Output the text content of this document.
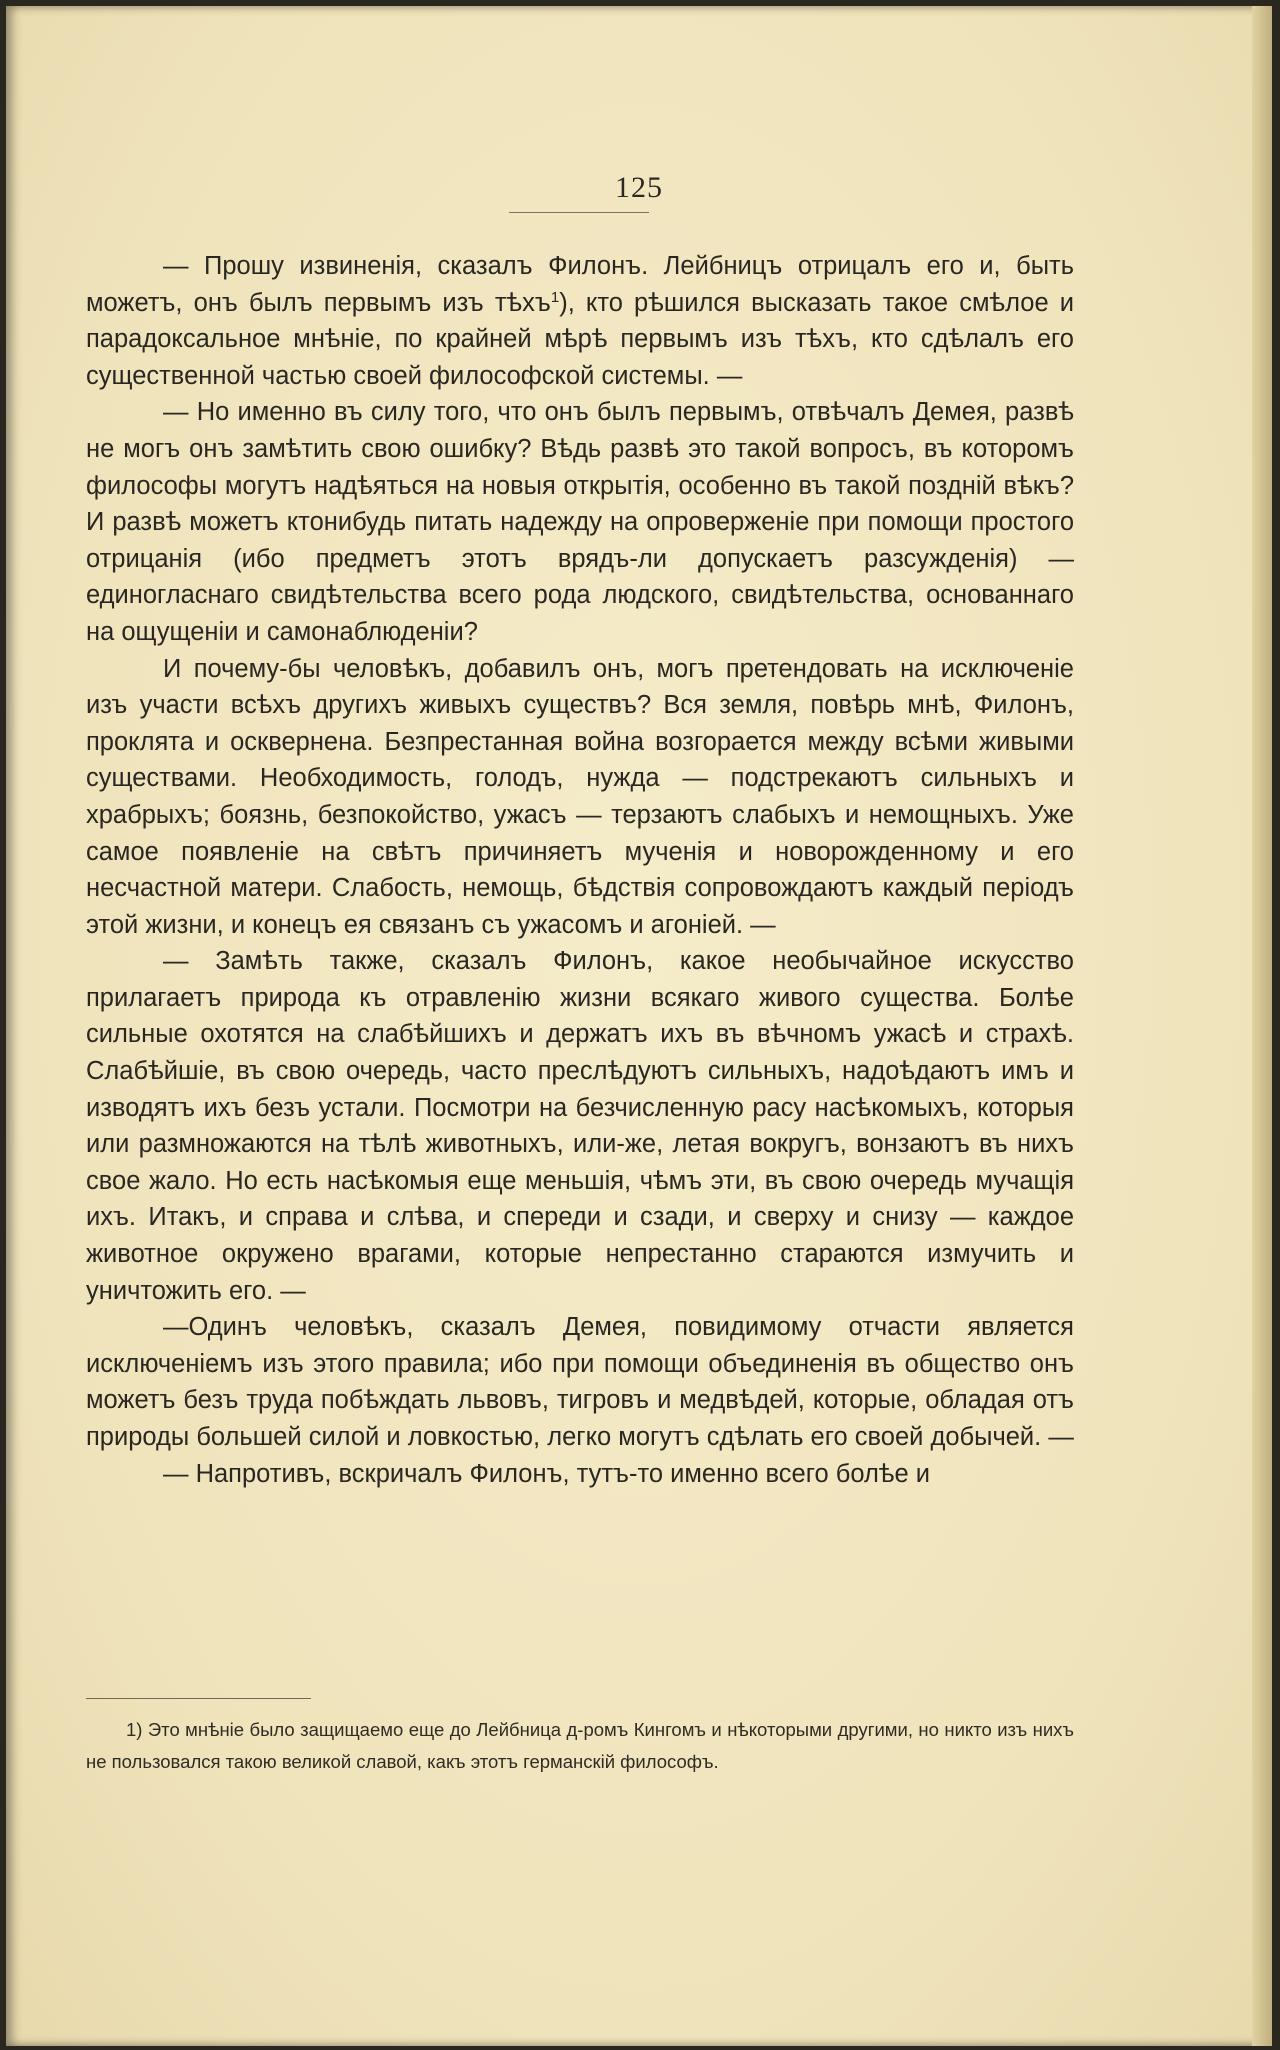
125

— Прошу извиненія, сказалъ Филонъ. Лейбницъ отрицалъ его и, быть можетъ, онъ былъ первымъ изъ тѣхъ$^1$), кто рѣшился высказать такое смѣлое и парадоксальное мнѣніе, по крайней мѣрѣ первымъ изъ тѣхъ, кто сдѣлалъ его существенной частью своей философской системы. —

— Но именно въ силу того, что онъ былъ первымъ, отвѣчалъ Демея, развѣ не могъ онъ замѣтить свою ошибку? Вѣдь развѣ это такой вопросъ, въ которомъ философы могутъ надѣяться на новыя открытія, особенно въ такой поздній вѣкъ? И развѣ можетъ ктонибудь питать надежду на опроверженіе при помощи простого отрицанія (ибо предметъ этотъ врядъ-ли допускаетъ разсужденія) — единогласнаго свидѣтельства всего рода людского, свидѣтельства, основаннаго на ощущеніи и самонаблюденіи?

И почему-бы человѣкъ, добавилъ онъ, могъ претендовать на исключеніе изъ участи всѣхъ другихъ живыхъ существъ? Вся земля, повѣрь мнѣ, Филонъ, проклята и осквернена. Безпрестанная война возгорается между всѣми живыми существами. Необходимость, голодъ, нужда — подстрекаютъ сильныхъ и храбрыхъ; боязнь, безпокойство, ужасъ — терзаютъ слабыхъ и немощныхъ. Уже самое появленіе на свѣтъ причиняетъ мученія и новорожденному и его несчастной матери. Слабость, немощь, бѣдствія сопровождаютъ каждый періодъ этой жизни, и конецъ ея связанъ съ ужасомъ и агоніей. —

— Замѣть также, сказалъ Филонъ, какое необычайное искусство прилагаетъ природа къ отравленію жизни всякаго живого существа. Болѣе сильные охотятся на слабѣйшихъ и держатъ ихъ въ вѣчномъ ужасѣ и страхѣ. Слабѣйшіе, въ свою очередь, часто преслѣдуютъ сильныхъ, надоѣдаютъ имъ и изводятъ ихъ безъ устали. Посмотри на безчисленную расу насѣкомыхъ, которыя или размножаются на тѣлѣ животныхъ, или-же, летая вокругъ, вонзаютъ въ нихъ свое жало. Но есть насѣкомыя еще меньшія, чѣмъ эти, въ свою очередь мучащія ихъ. Итакъ, и справа и слѣва, и спереди и сзади, и сверху и снизу — каждое животное окружено врагами, которые непрестанно стараются измучить и уничтожить его. —

—Одинъ человѣкъ, сказалъ Демея, повидимому отчасти является исключеніемъ изъ этого правила; ибо при помощи объединенія въ общество онъ можетъ безъ труда побѣждать львовъ, тигровъ и медвѣдей, которые, обладая отъ природы большей силой и ловкостью, легко могутъ сдѣлать его своей добычей. —

— Напротивъ, вскричалъ Филонъ, тутъ-то именно всего болѣе и

1) Это мнѣніе было защищаемо еще до Лейбница д-ромъ Кингомъ и нѣкоторыми другими, но никто изъ нихъ не пользовался такою великой славой, какъ этотъ германскій философъ.
